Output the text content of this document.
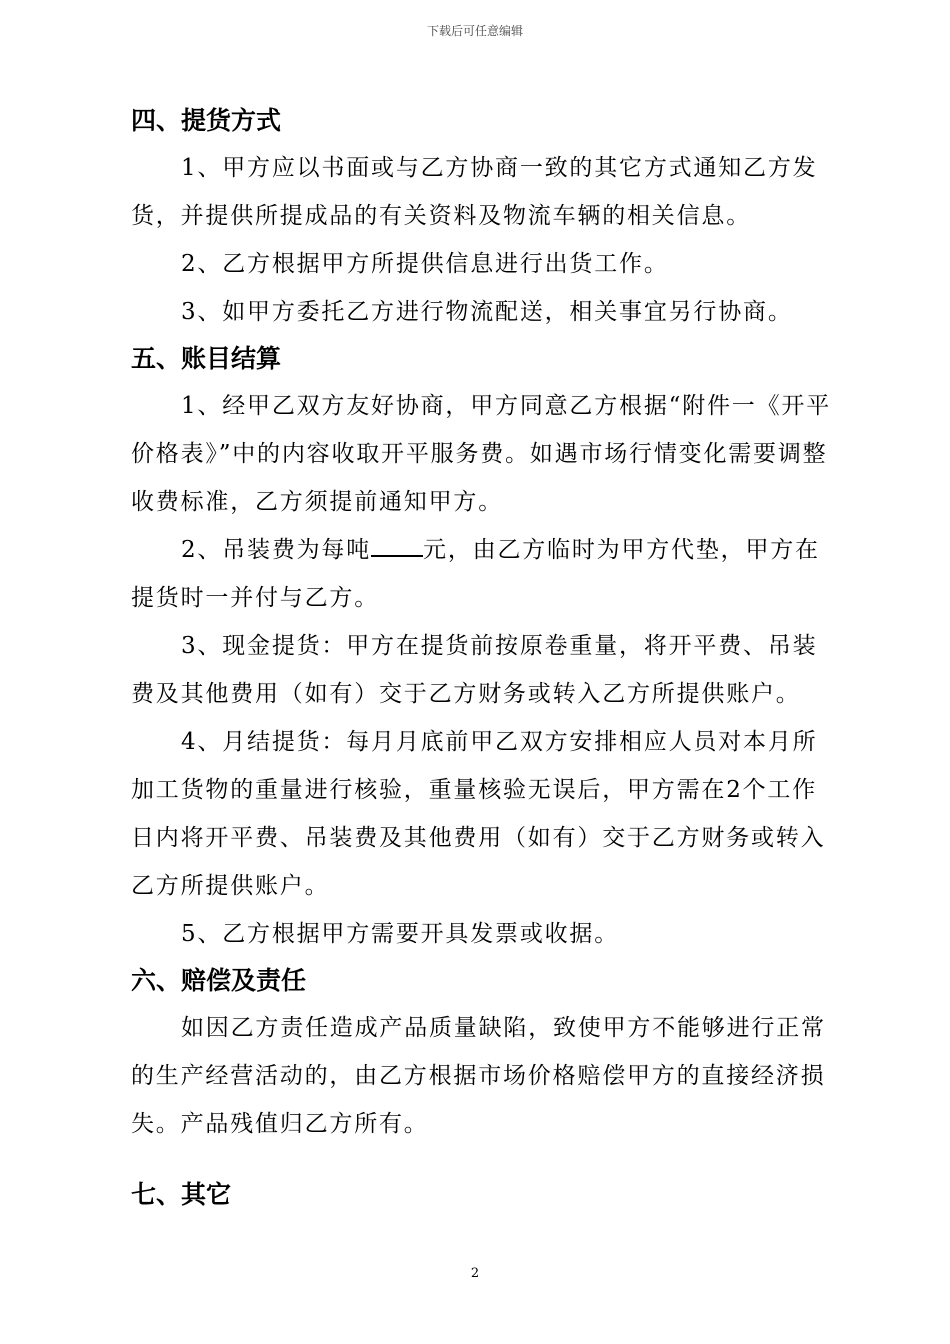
下载后可任意编辑
四、提货方式

1、甲方应以书面或与乙方协商一致的其它方式通知乙方发货，并提供所提成品的有关资料及物流车辆的相关信息。

2、乙方根据甲方所提供信息进行出货工作。

3、如甲方委托乙方进行物流配送，相关事宜另行协商。

五、账目结算

1、经甲乙双方友好协商，甲方同意乙方根据“附件一《开平价格表》”中的内容收取开平服务费。如遇市场行情变化需要调整收费标准，乙方须提前通知甲方。

2、吊装费为每吨 元，由乙方临时为甲方代垫，甲方在提货时一并付与乙方。

3、现金提货：甲方在提货前按原卷重量，将开平费、吊装费及其他费用（如有）交于乙方财务或转入乙方所提供账户。

4、月结提货：每月月底前甲乙双方安排相应人员对本月所加工货物的重量进行核验，重量核验无误后，甲方需在2个工作日内将开平费、吊装费及其他费用（如有）交于乙方财务或转入乙方所提供账户。

5、乙方根据甲方需要开具发票或收据。

六、赔偿及责任

如因乙方责任造成产品质量缺陷，致使甲方不能够进行正常的生产经营活动的，由乙方根据市场价格赔偿甲方的直接经济损失。产品残值归乙方所有。

七、其它
2
